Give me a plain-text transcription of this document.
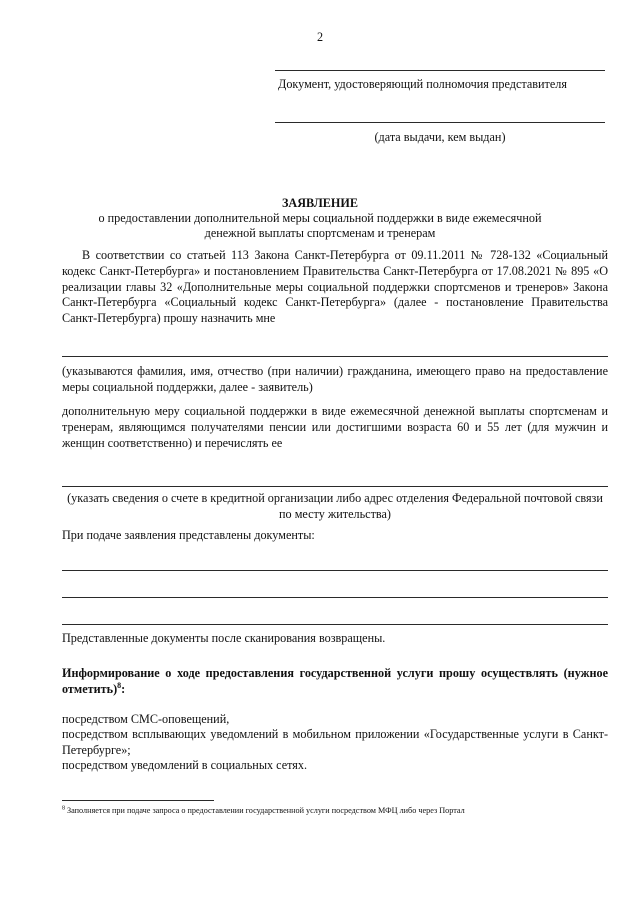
2
Документ, удостоверяющий полномочия представителя
(дата выдачи, кем выдан)
ЗАЯВЛЕНИЕ
о предоставлении дополнительной меры социальной поддержки в виде ежемесячной
денежной выплаты спортсменам и тренерам
В соответствии со статьей 113 Закона Санкт-Петербурга от 09.11.2011 № 728-132 «Социальный кодекс Санкт-Петербурга» и постановлением Правительства Санкт-Петербурга от 17.08.2021 № 895 «О реализации главы 32 «Дополнительные меры социальной поддержки спортсменов и тренеров» Закона Санкт-Петербурга «Социальный кодекс Санкт-Петербурга» (далее - постановление Правительства Санкт-Петербурга) прошу назначить мне
(указываются фамилия, имя, отчество (при наличии) гражданина, имеющего право на предоставление меры социальной поддержки, далее - заявитель)
дополнительную меру социальной поддержки в виде ежемесячной денежной выплаты спортсменам и тренерам, являющимся получателями пенсии или достигшими возраста 60 и 55 лет (для мужчин и женщин соответственно) и перечислять ее
(указать сведения о счете в кредитной организации либо адрес отделения Федеральной почтовой связи по месту жительства)
При подаче заявления представлены документы:
Представленные документы после сканирования возвращены.
Информирование о ходе предоставления государственной услуги прошу осуществлять (нужное отметить)$^8$:
посредством СМС-оповещений,
посредством всплывающих уведомлений в мобильном приложении «Государственные услуги в Санкт-Петербурге»;
посредством уведомлений в социальных сетях.
$^8$ Заполняется при подаче запроса о предоставлении государственной услуги посредством МФЦ либо через Портал
